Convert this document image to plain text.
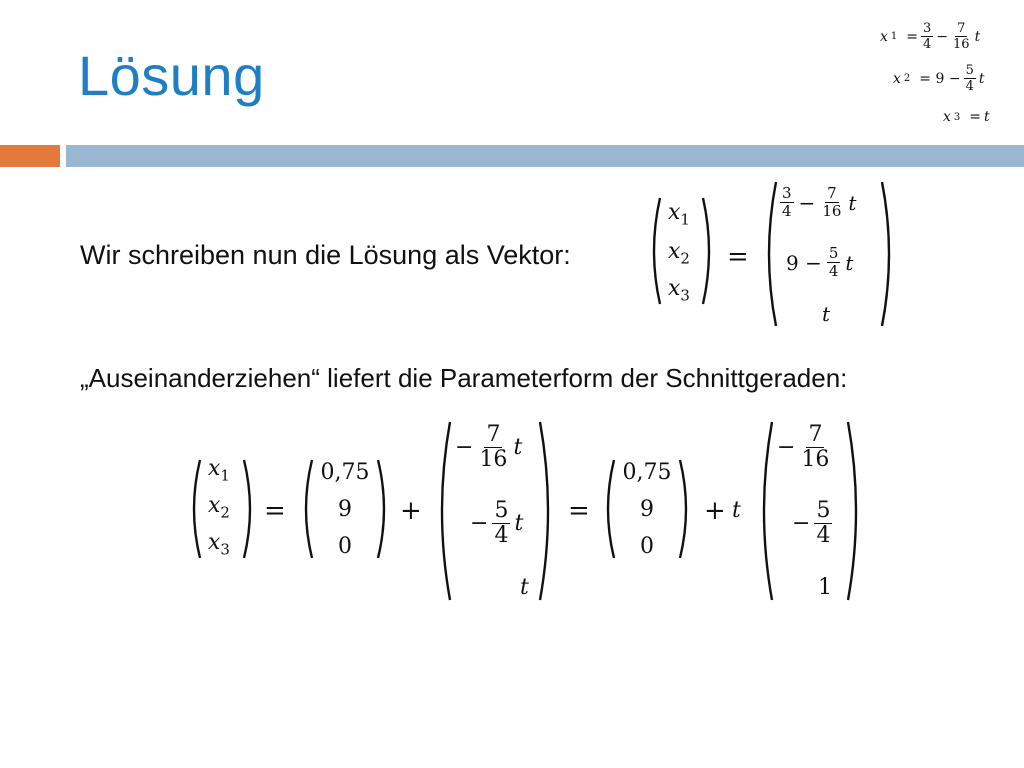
Lösung
x $1 = \frac{3}{4} - \frac{7}{16}$ t
x $2 = 9 - \frac{5}{4}$ t
x 3 = t
Wir schreiben nun die Lösung als Vektor:
$x_1$
$x_2$
$x_3$
=
$\frac{3}{4} - \frac{7}{16}$ t
$9 - \frac{5}{4}$ t
t
„Auseinanderziehen“ liefert die Parameterform der Schnittgeraden:
$x_1$
$x_2$
$x_3$
=
0,75
9
0
+
− $\frac{7}{16}$ t
− $\frac{5}{4}$ t
t
=
0,75
9
0
+ t
− $\frac{7}{16}$
− $\frac{5}{4}$
1
